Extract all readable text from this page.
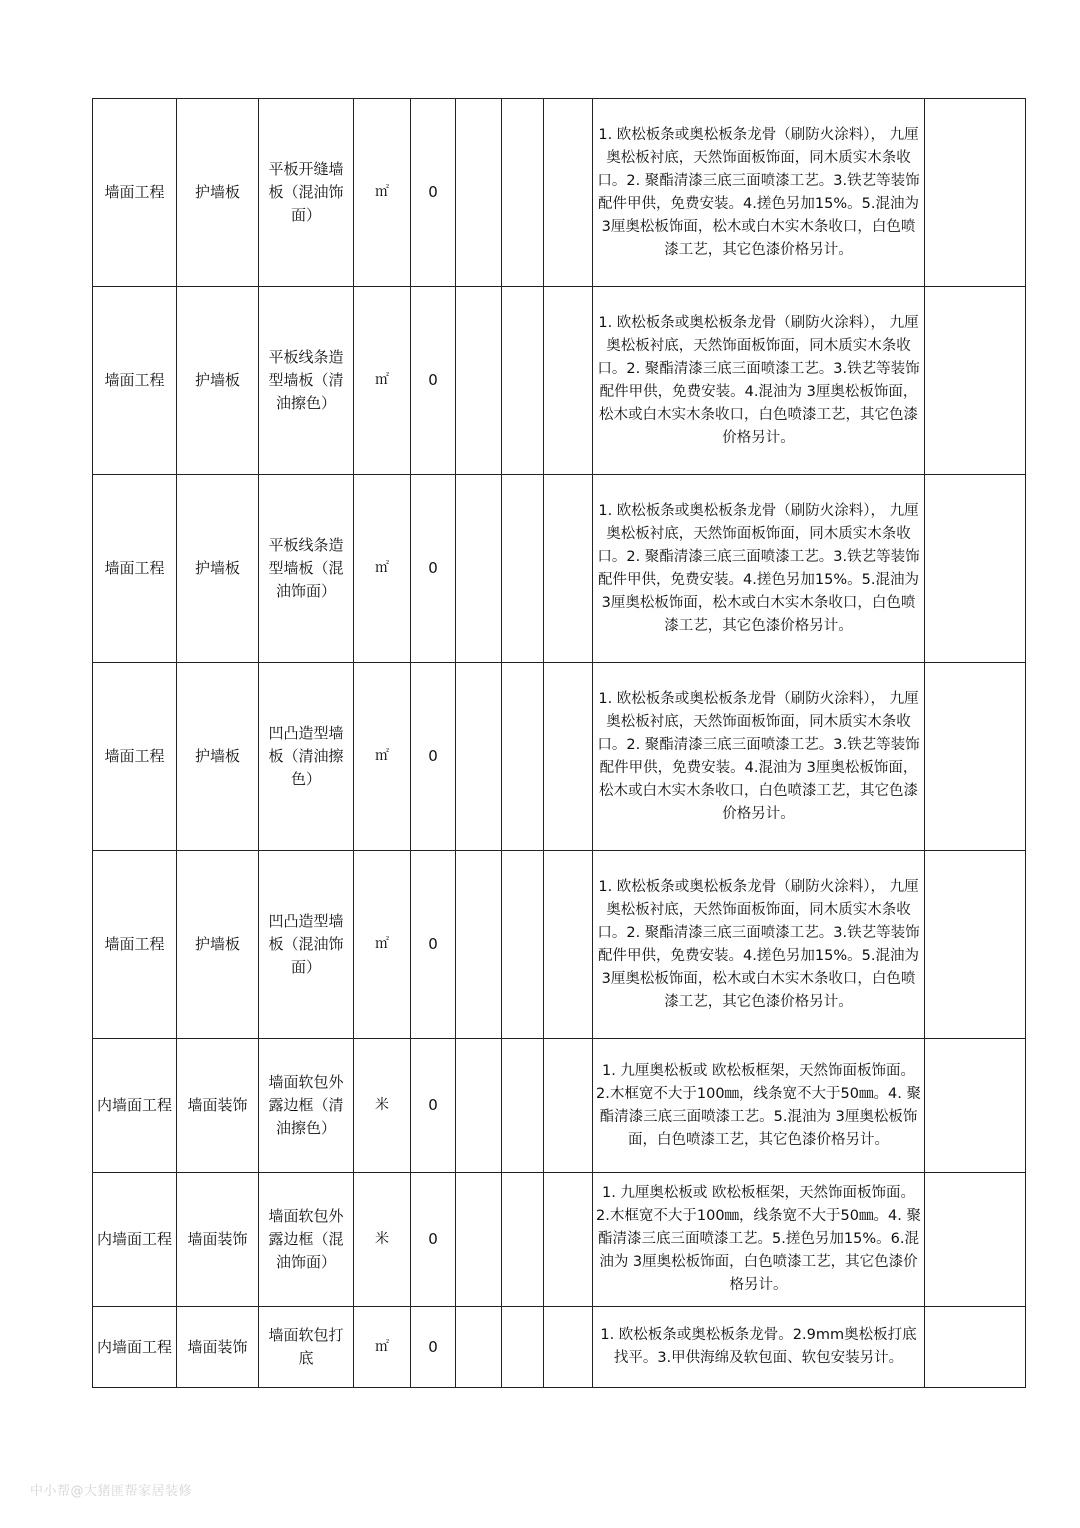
墙面工程	护墙板	平板开缝墙板（混油饰面）	㎡	0				1. 欧松板条或奥松板条龙骨（刷防火涂料）， 九厘奥松板衬底，天然饰面板饰面，同木质实木条收口。2. 聚酯清漆三底三面喷漆工艺。3.铁艺等装饰配件甲供，免费安装。4.搓色另加15%。5.混油为 3厘奥松板饰面，松木或白木实木条收口，白色喷漆工艺，其它色漆价格另计。	
墙面工程	护墙板	平板线条造型墙板（清油擦色）	㎡	0				1. 欧松板条或奥松板条龙骨（刷防火涂料）， 九厘奥松板衬底，天然饰面板饰面，同木质实木条收口。2. 聚酯清漆三底三面喷漆工艺。3.铁艺等装饰配件甲供，免费安装。4.混油为 3厘奥松板饰面，松木或白木实木条收口，白色喷漆工艺，其它色漆价格另计。	
墙面工程	护墙板	平板线条造型墙板（混油饰面）	㎡	0				1. 欧松板条或奥松板条龙骨（刷防火涂料）， 九厘奥松板衬底，天然饰面板饰面，同木质实木条收口。2. 聚酯清漆三底三面喷漆工艺。3.铁艺等装饰配件甲供，免费安装。4.搓色另加15%。5.混油为 3厘奥松板饰面，松木或白木实木条收口，白色喷漆工艺，其它色漆价格另计。	
墙面工程	护墙板	凹凸造型墙板（清油擦色）	㎡	0				1. 欧松板条或奥松板条龙骨（刷防火涂料）， 九厘奥松板衬底，天然饰面板饰面，同木质实木条收口。2. 聚酯清漆三底三面喷漆工艺。3.铁艺等装饰配件甲供，免费安装。4.混油为 3厘奥松板饰面，松木或白木实木条收口，白色喷漆工艺，其它色漆价格另计。	
墙面工程	护墙板	凹凸造型墙板（混油饰面）	㎡	0				1. 欧松板条或奥松板条龙骨（刷防火涂料）， 九厘奥松板衬底，天然饰面板饰面，同木质实木条收口。2. 聚酯清漆三底三面喷漆工艺。3.铁艺等装饰配件甲供，免费安装。4.搓色另加15%。5.混油为 3厘奥松板饰面，松木或白木实木条收口，白色喷漆工艺，其它色漆价格另计。	
内墙面工程	墙面装饰	墙面软包外露边框（清油擦色）	米	0				1. 九厘奥松板或 欧松板框架，天然饰面板饰面。2.木框宽不大于100㎜，线条宽不大于50㎜。4. 聚酯清漆三底三面喷漆工艺。5.混油为 3厘奥松板饰面，白色喷漆工艺，其它色漆价格另计。	
内墙面工程	墙面装饰	墙面软包外露边框（混油饰面）	米	0				1. 九厘奥松板或 欧松板框架，天然饰面板饰面。2.木框宽不大于100㎜，线条宽不大于50㎜。4. 聚酯清漆三底三面喷漆工艺。5.搓色另加15%。6.混油为 3厘奥松板饰面，白色喷漆工艺，其它色漆价格另计。	
内墙面工程	墙面装饰	墙面软包打底	㎡	0				1. 欧松板条或奥松板条龙骨。2.9mm奥松板打底找平。3.甲供海绵及软包面、软包安装另计。	
中小帮@大猪匪帮家居装修
